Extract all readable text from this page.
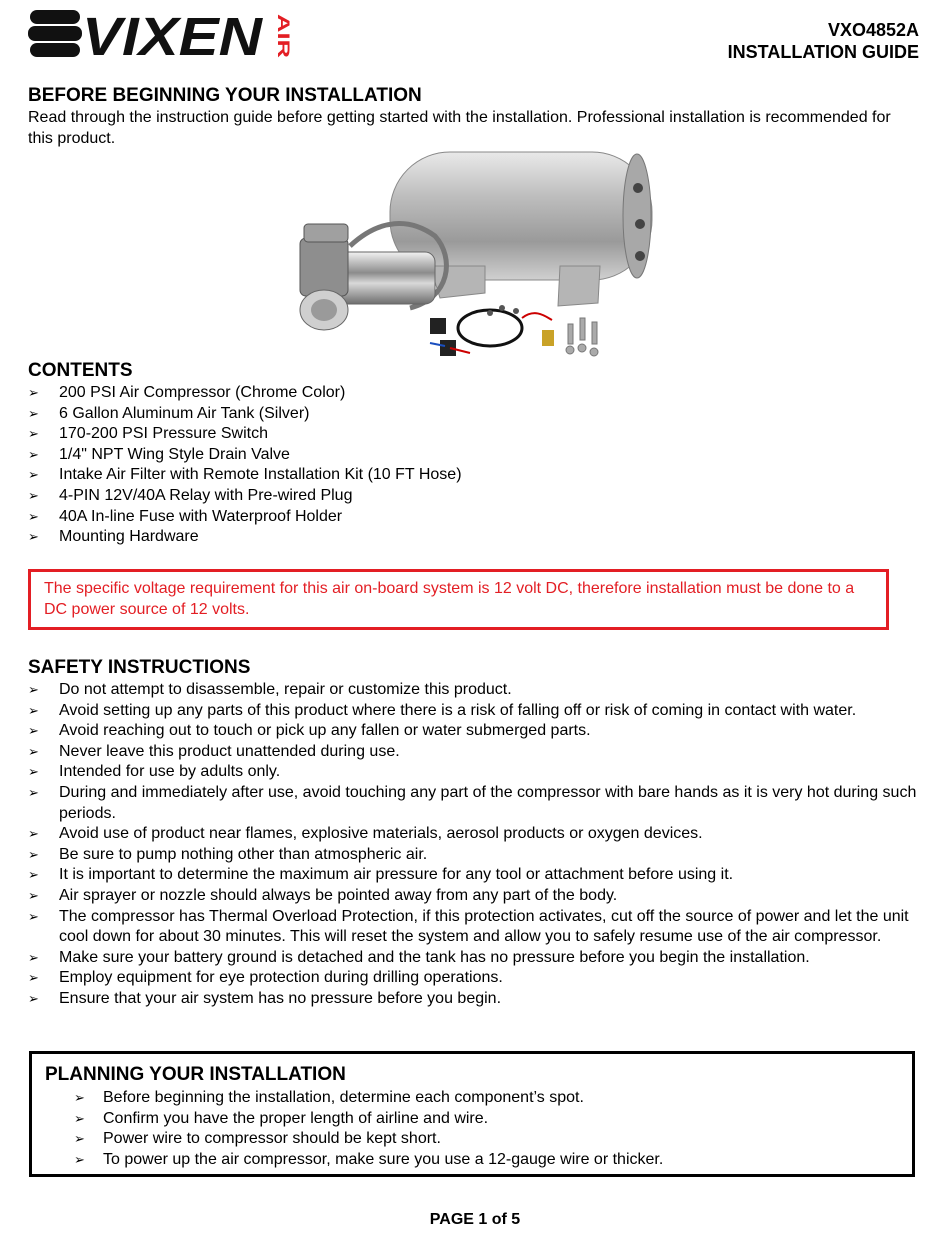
VIXEN AIR	VXO4852A
INSTALLATION GUIDE
BEFORE BEGINNING YOUR INSTALLATION
Read through the instruction guide before getting started with the installation. Professional installation is recommended for this product.
CONTENTS
➢ 200 PSI Air Compressor (Chrome Color)
➢ 6 Gallon Aluminum Air Tank (Silver)
➢ 170-200 PSI Pressure Switch
➢ 1/4" NPT Wing Style Drain Valve
➢ Intake Air Filter with Remote Installation Kit (10 FT Hose)
➢ 4-PIN 12V/40A Relay with Pre-wired Plug
➢ 40A In-line Fuse with Waterproof Holder
➢ Mounting Hardware
The specific voltage requirement for this air on-board system is 12 volt DC, therefore installation must be done to a DC power source of 12 volts.
SAFETY INSTRUCTIONS
➢ Do not attempt to disassemble, repair or customize this product.
➢ Avoid setting up any parts of this product where there is a risk of falling off or risk of coming in contact with water.
➢ Avoid reaching out to touch or pick up any fallen or water submerged parts.
➢ Never leave this product unattended during use.
➢ Intended for use by adults only.
➢ During and immediately after use, avoid touching any part of the compressor with bare hands as it is very hot during such periods.
➢ Avoid use of product near flames, explosive materials, aerosol products or oxygen devices.
➢ Be sure to pump nothing other than atmospheric air.
➢ It is important to determine the maximum air pressure for any tool or attachment before using it.
➢ Air sprayer or nozzle should always be pointed away from any part of the body.
➢ The compressor has Thermal Overload Protection, if this protection activates, cut off the source of power and let the unit cool down for about 30 minutes. This will reset the system and allow you to safely resume use of the air compressor.
➢ Make sure your battery ground is detached and the tank has no pressure before you begin the installation.
➢ Employ equipment for eye protection during drilling operations.
➢ Ensure that your air system has no pressure before you begin.
PLANNING YOUR INSTALLATION
➢ Before beginning the installation, determine each component’s spot.
➢ Confirm you have the proper length of airline and wire.
➢ Power wire to compressor should be kept short.
➢ To power up the air compressor, make sure you use a 12-gauge wire or thicker.
PAGE 1 of 5
